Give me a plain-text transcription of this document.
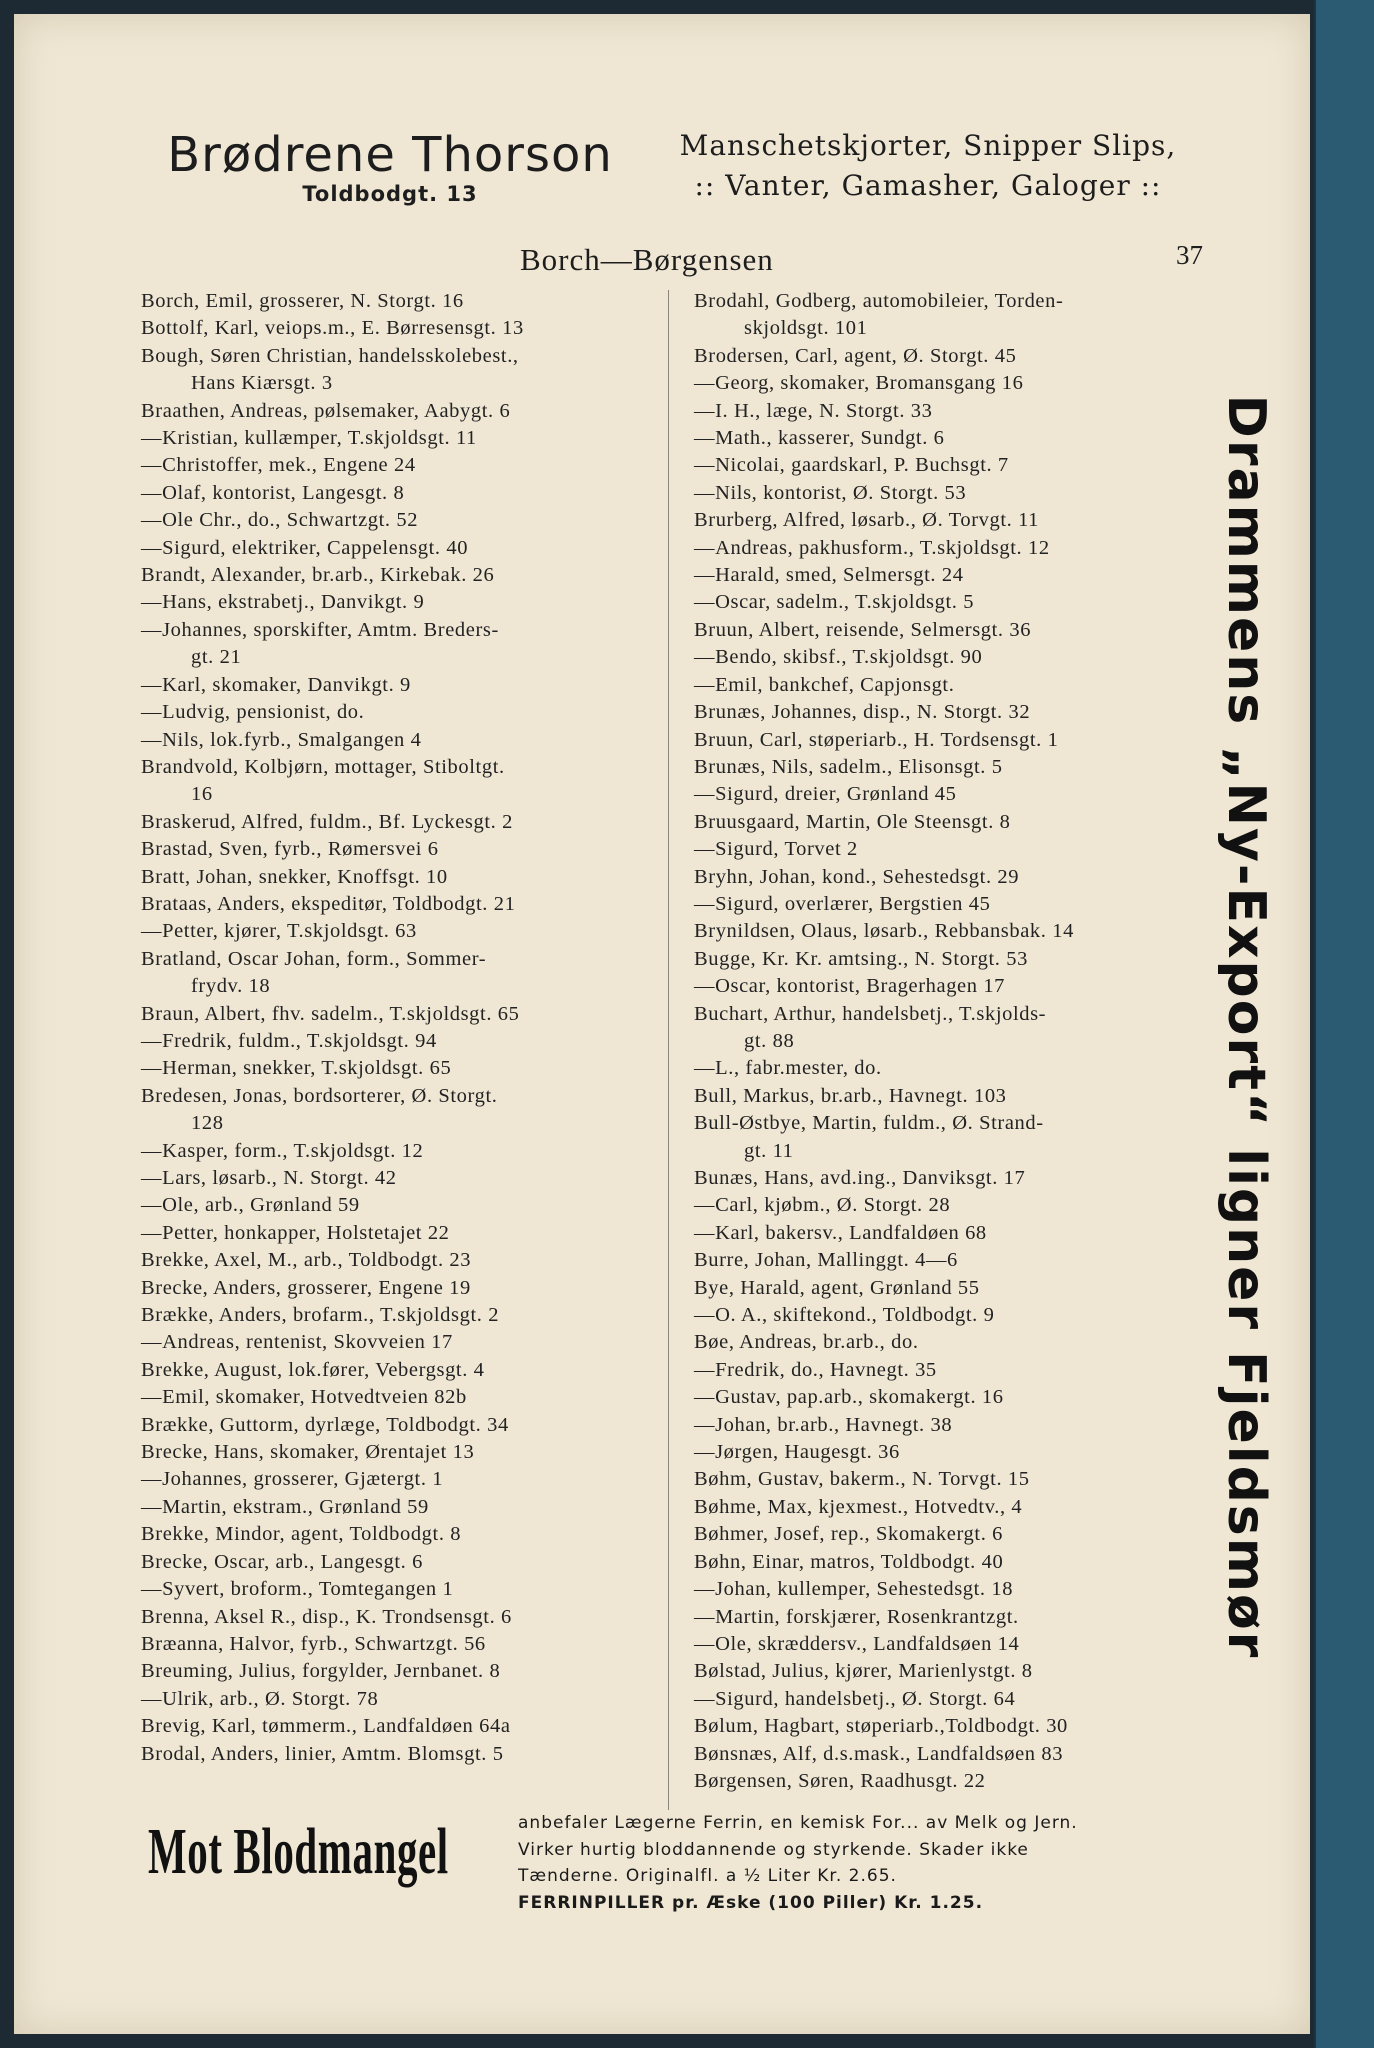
Brødrene Thorson
Toldbodgt. 13
Manschetskjorter, Snipper Slips,
:: Vanter, Gamasher, Galoger ::
Borch—Børgensen	37
Borch, Emil, grosserer, N. Storgt. 16
Bottolf, Karl, veiops.m., E. Børresensgt. 13
Bough, Søren Christian, handelsskolebest.,
Hans Kiærsgt. 3
Braathen, Andreas, pølsemaker, Aabygt. 6
—Kristian, kullæmper, T.skjoldsgt. 11
—Christoffer, mek., Engene 24
—Olaf, kontorist, Langesgt. 8
—Ole Chr., do., Schwartzgt. 52
—Sigurd, elektriker, Cappelensgt. 40
Brandt, Alexander, br.arb., Kirkebak. 26
—Hans, ekstrabetj., Danvikgt. 9
—Johannes, sporskifter, Amtm. Breders-
gt. 21
—Karl, skomaker, Danvikgt. 9
—Ludvig, pensionist, do.
—Nils, lok.fyrb., Smalgangen 4
Brandvold, Kolbjørn, mottager, Stiboltgt.
16
Braskerud, Alfred, fuldm., Bf. Lyckesgt. 2
Brastad, Sven, fyrb., Rømersvei 6
Bratt, Johan, snekker, Knoffsgt. 10
Brataas, Anders, ekspeditør, Toldbodgt. 21
—Petter, kjører, T.skjoldsgt. 63
Bratland, Oscar Johan, form., Sommer-
frydv. 18
Braun, Albert, fhv. sadelm., T.skjoldsgt. 65
—Fredrik, fuldm., T.skjoldsgt. 94
—Herman, snekker, T.skjoldsgt. 65
Bredesen, Jonas, bordsorterer, Ø. Storgt.
128
—Kasper, form., T.skjoldsgt. 12
—Lars, løsarb., N. Storgt. 42
—Ole, arb., Grønland 59
—Petter, honkapper, Holstetajet 22
Brekke, Axel, M., arb., Toldbodgt. 23
Brecke, Anders, grosserer, Engene 19
Brække, Anders, brofarm., T.skjoldsgt. 2
—Andreas, rentenist, Skovveien 17
Brekke, August, lok.fører, Vebergsgt. 4
—Emil, skomaker, Hotvedtveien 82b
Brække, Guttorm, dyrlæge, Toldbodgt. 34
Brecke, Hans, skomaker, Ørentajet 13
—Johannes, grosserer, Gjætergt. 1
—Martin, ekstram., Grønland 59
Brekke, Mindor, agent, Toldbodgt. 8
Brecke, Oscar, arb., Langesgt. 6
—Syvert, broform., Tomtegangen 1
Brenna, Aksel R., disp., K. Trondsensgt. 6
Bræanna, Halvor, fyrb., Schwartzgt. 56
Breuming, Julius, forgylder, Jernbanet. 8
—Ulrik, arb., Ø. Storgt. 78
Brevig, Karl, tømmerm., Landfaldøen 64a
Brodal, Anders, linier, Amtm. Blomsgt. 5
Brodahl, Godberg, automobileier, Torden-
skjoldsgt. 101
Brodersen, Carl, agent, Ø. Storgt. 45
—Georg, skomaker, Bromansgang 16
—I. H., læge, N. Storgt. 33
—Math., kasserer, Sundgt. 6
—Nicolai, gaardskarl, P. Buchsgt. 7
—Nils, kontorist, Ø. Storgt. 53
Brurberg, Alfred, løsarb., Ø. Torvgt. 11
—Andreas, pakhusform., T.skjoldsgt. 12
—Harald, smed, Selmersgt. 24
—Oscar, sadelm., T.skjoldsgt. 5
Bruun, Albert, reisende, Selmersgt. 36
—Bendo, skibsf., T.skjoldsgt. 90
—Emil, bankchef, Capjonsgt.
Brunæs, Johannes, disp., N. Storgt. 32
Bruun, Carl, støperiarb., H. Tordsensgt. 1
Brunæs, Nils, sadelm., Elisonsgt. 5
—Sigurd, dreier, Grønland 45
Bruusgaard, Martin, Ole Steensgt. 8
—Sigurd, Torvet 2
Bryhn, Johan, kond., Sehestedsgt. 29
—Sigurd, overlærer, Bergstien 45
Brynildsen, Olaus, løsarb., Rebbansbak. 14
Bugge, Kr. Kr. amtsing., N. Storgt. 53
—Oscar, kontorist, Bragerhagen 17
Buchart, Arthur, handelsbetj., T.skjolds-
gt. 88
—L., fabr.mester, do.
Bull, Markus, br.arb., Havnegt. 103
Bull-Østbye, Martin, fuldm., Ø. Strand-
gt. 11
Bunæs, Hans, avd.ing., Danviksgt. 17
—Carl, kjøbm., Ø. Storgt. 28
—Karl, bakersv., Landfaldøen 68
Burre, Johan, Mallinggt. 4—6
Bye, Harald, agent, Grønland 55
—O. A., skiftekond., Toldbodgt. 9
Bøe, Andreas, br.arb., do.
—Fredrik, do., Havnegt. 35
—Gustav, pap.arb., skomakergt. 16
—Johan, br.arb., Havnegt. 38
—Jørgen, Haugesgt. 36
Bøhm, Gustav, bakerm., N. Torvgt. 15
Bøhme, Max, kjexmest., Hotvedtv., 4
Bøhmer, Josef, rep., Skomakergt. 6
Bøhn, Einar, matros, Toldbodgt. 40
—Johan, kullemper, Sehestedsgt. 18
—Martin, forskjærer, Rosenkrantzgt.
—Ole, skræddersv., Landfaldsøen 14
Bølstad, Julius, kjører, Marienlystgt. 8
—Sigurd, handelsbetj., Ø. Storgt. 64
Bølum, Hagbart, støperiarb.,Toldbodgt. 30
Bønsnæs, Alf, d.s.mask., Landfaldsøen 83
Børgensen, Søren, Raadhusgt. 22
Drammens „Ny-Export“ ligner Fjeldsmør
Mot Blodmangel	anbefaler Lægerne Ferrin, en kemisk For... av Melk og Jern.
Virker hurtig bloddannende og styrkende. Skader ikke
Tænderne. Originalfl. a ½ Liter Kr. 2.65.
FERRINPILLER pr. Æske (100 Piller) Kr. 1.25.
